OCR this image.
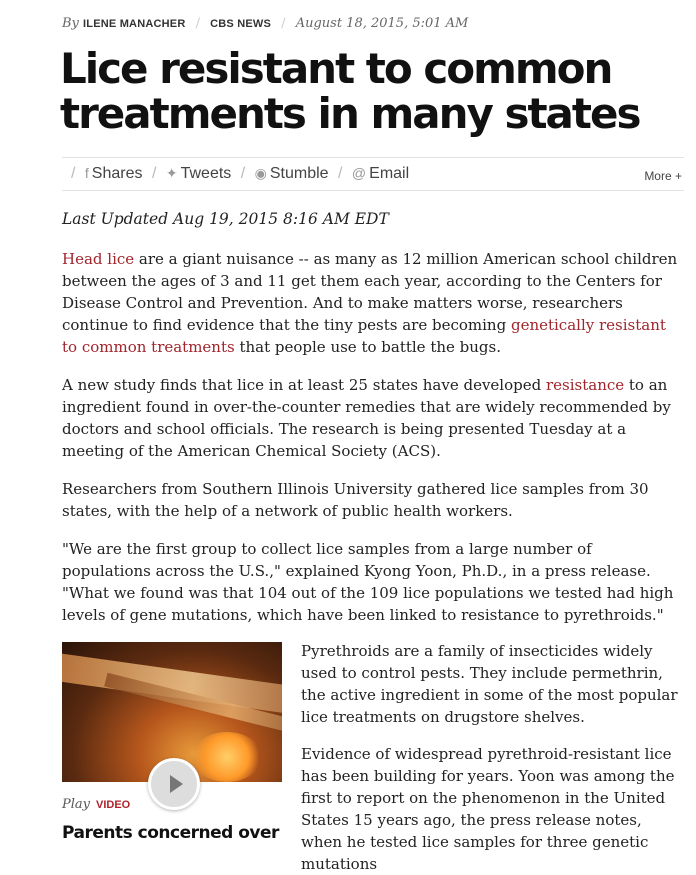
By ILENE MANACHER / CBS NEWS / August 18, 2015, 5:01 AM
Lice resistant to common treatments in many states
/ f Shares / ✦ Tweets / ◉ Stumble / @ Email	More +
Last Updated Aug 19, 2015 8:16 AM EDT

Head lice are a giant nuisance -- as many as 12 million American school children between the ages of 3 and 11 get them each year, according to the Centers for Disease Control and Prevention. And to make matters worse, researchers continue to find evidence that the tiny pests are becoming genetically resistant to common treatments that people use to battle the bugs.

A new study finds that lice in at least 25 states have developed resistance to an ingredient found in over-the-counter remedies that are widely recommended by doctors and school officials. The research is being presented Tuesday at a meeting of the American Chemical Society (ACS).

Researchers from Southern Illinois University gathered lice samples from 30 states, with the help of a network of public health workers.

"We are the first group to collect lice samples from a large number of populations across the U.S.," explained Kyong Yoon, Ph.D., in a press release. "What we found was that 104 out of the 109 lice populations we tested had high levels of gene mutations, which have been linked to resistance to pyrethroids."

Play VIDEO

Parents concerned over

Pyrethroids are a family of insecticides widely used to control pests. They include permethrin, the active ingredient in some of the most popular lice treatments on drugstore shelves.

Evidence of widespread pyrethroid-resistant lice has been building for years. Yoon was among the first to report on the phenomenon in the United States 15 years ago, the press release notes, when he tested lice samples for three genetic mutations
